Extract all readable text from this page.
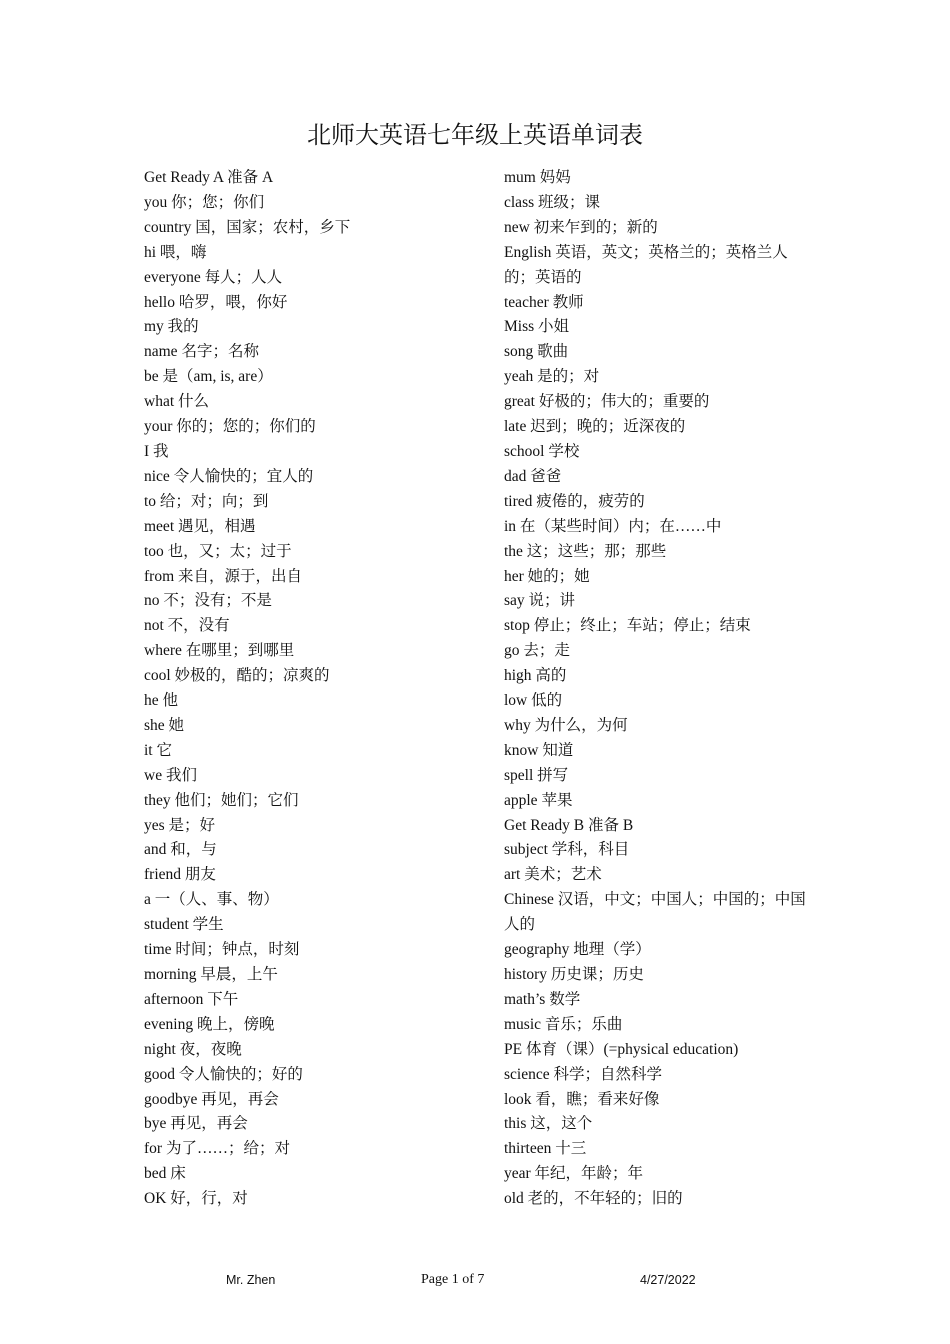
北师大英语七年级上英语单词表
Get Ready A 准备 A
you 你；您；你们
country 国，国家；农村，乡下
hi 喂，嗨
everyone 每人；人人
hello 哈罗，喂，你好
my 我的
name 名字；名称
be 是（am, is, are）
what 什么
your 你的；您的；你们的
I 我
nice 令人愉快的；宜人的
to 给；对；向；到
meet 遇见，相遇
too 也，又；太；过于
from 来自，源于，出自
no 不；没有；不是
not 不，没有
where 在哪里；到哪里
cool 妙极的，酷的；凉爽的
he 他
she 她
it 它
we 我们
they 他们；她们；它们
yes 是；好
and 和，与
friend 朋友
a 一（人、事、物）
student 学生
time 时间；钟点，时刻
morning 早晨，上午
afternoon 下午
evening 晚上，傍晚
night 夜，夜晚
good 令人愉快的；好的
goodbye 再见，再会
bye 再见，再会
for 为了……；给；对
bed 床
OK 好，行，对
mum 妈妈
class 班级；课
new 初来乍到的；新的
English 英语，英文；英格兰的；英格兰人的；英语的
teacher 教师
Miss 小姐
song 歌曲
yeah 是的；对
great 好极的；伟大的；重要的
late 迟到；晚的；近深夜的
school 学校
dad 爸爸
tired 疲倦的，疲劳的
in 在（某些时间）内；在……中
the 这；这些；那；那些
her 她的；她
say 说；讲
stop 停止；终止；车站；停止；结束
go 去；走
high 高的
low 低的
why 为什么，为何
know 知道
spell 拼写
apple 苹果
Get Ready B 准备 B
subject 学科，科目
art 美术；艺术
Chinese 汉语，中文；中国人；中国的；中国人的
geography 地理（学）
history 历史课；历史
math’s 数学
music 音乐；乐曲
PE 体育（课）(=physical education)
science 科学；自然科学
look 看，瞧；看来好像
this 这，这个
thirteen 十三
year 年纪，年龄；年
old 老的，不年轻的；旧的
Mr. Zhen	Page 1 of 7	4/27/2022
